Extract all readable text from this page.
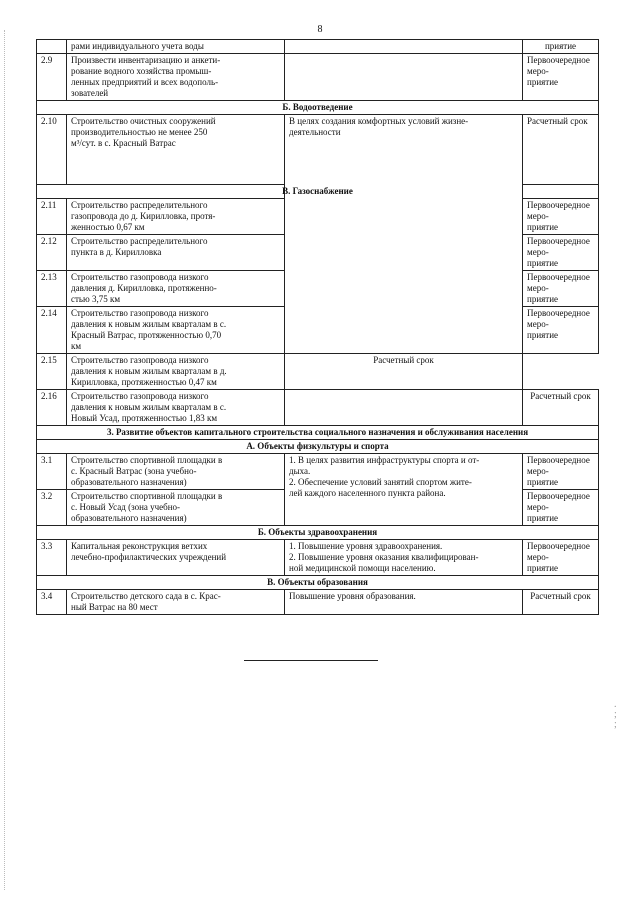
8

	рами индивидуального учета воды		приятие

2.9	Произвести инвентаризацию и анкети-
рование водного хозяйства промыш-
ленных предприятий и всех водополь-
зователей		Первоочередное меро-
приятие

Б. Водоотведение			
2.10	Строительство очистных сооружений
производительностью не менее 250
м³/сут. в с. Красный Ватрас	В целях создания комфортных условий жизне-
деятельности	Расчетный срок

В. Газоснабжение			
2.11	Строительство распределительного
газопровода до д. Кирилловка, протя-
женностью 0,67 км		Первоочередное меро-
приятие

2.12	Строительство распределительного
пункта в д. Кирилловка		Первоочередное меро-
приятие

2.13	Строительство газопровода низкого
давления д. Кирилловка, протяженно-
стью 3,75 км		Первоочередное меро-
приятие

2.14	Строительство газопровода низкого
давления к новым жилым кварталам в с.
Красный Ватрас, протяженностью 0,70
км		Первоочередное меро-
приятие

2.15	Строительство газопровода низкого
давления к новым жилым кварталам в д.
Кирилловка, протяженностью 0,47 км	Расчетный срок	

2.16	Строительство газопровода низкого
давления к новым жилым кварталам в с.
Новый Усад, протяженностью 1,83 км		Расчетный срок

3. Развитие объектов капитального строительства социального назначения и обслуживания населения			
А. Объекты физкультуры и спорта			
3.1	Строительство спортивной площадки в
с. Красный Ватрас (зона учебно-
образовательного назначения)	1. В целях развития инфраструктуры спорта и от-
дыха.
2. Обеспечение условий занятий спортом жите-
лей каждого населенного пункта района.	Первоочередное меро-
приятие

3.2	Строительство спортивной площадки в
с. Новый Усад (зона учебно-
образовательного назначения)		Первоочередное меро-
приятие

Б. Объекты здравоохранения			
3.3	Капитальная реконструкция ветхих
лечебно-профилактических учреждений	1. Повышение уровня здравоохранения.
2. Повышение уровня оказания квалифицирован-
ной медицинской помощи населению.	Первоочередное меро-
приятие

В. Объекты образования			
3.4	Строительство детского сада в с. Крас-
ный Ватрас на 80 мест	Повышение уровня образования.	Расчетный срок
.
;
;
